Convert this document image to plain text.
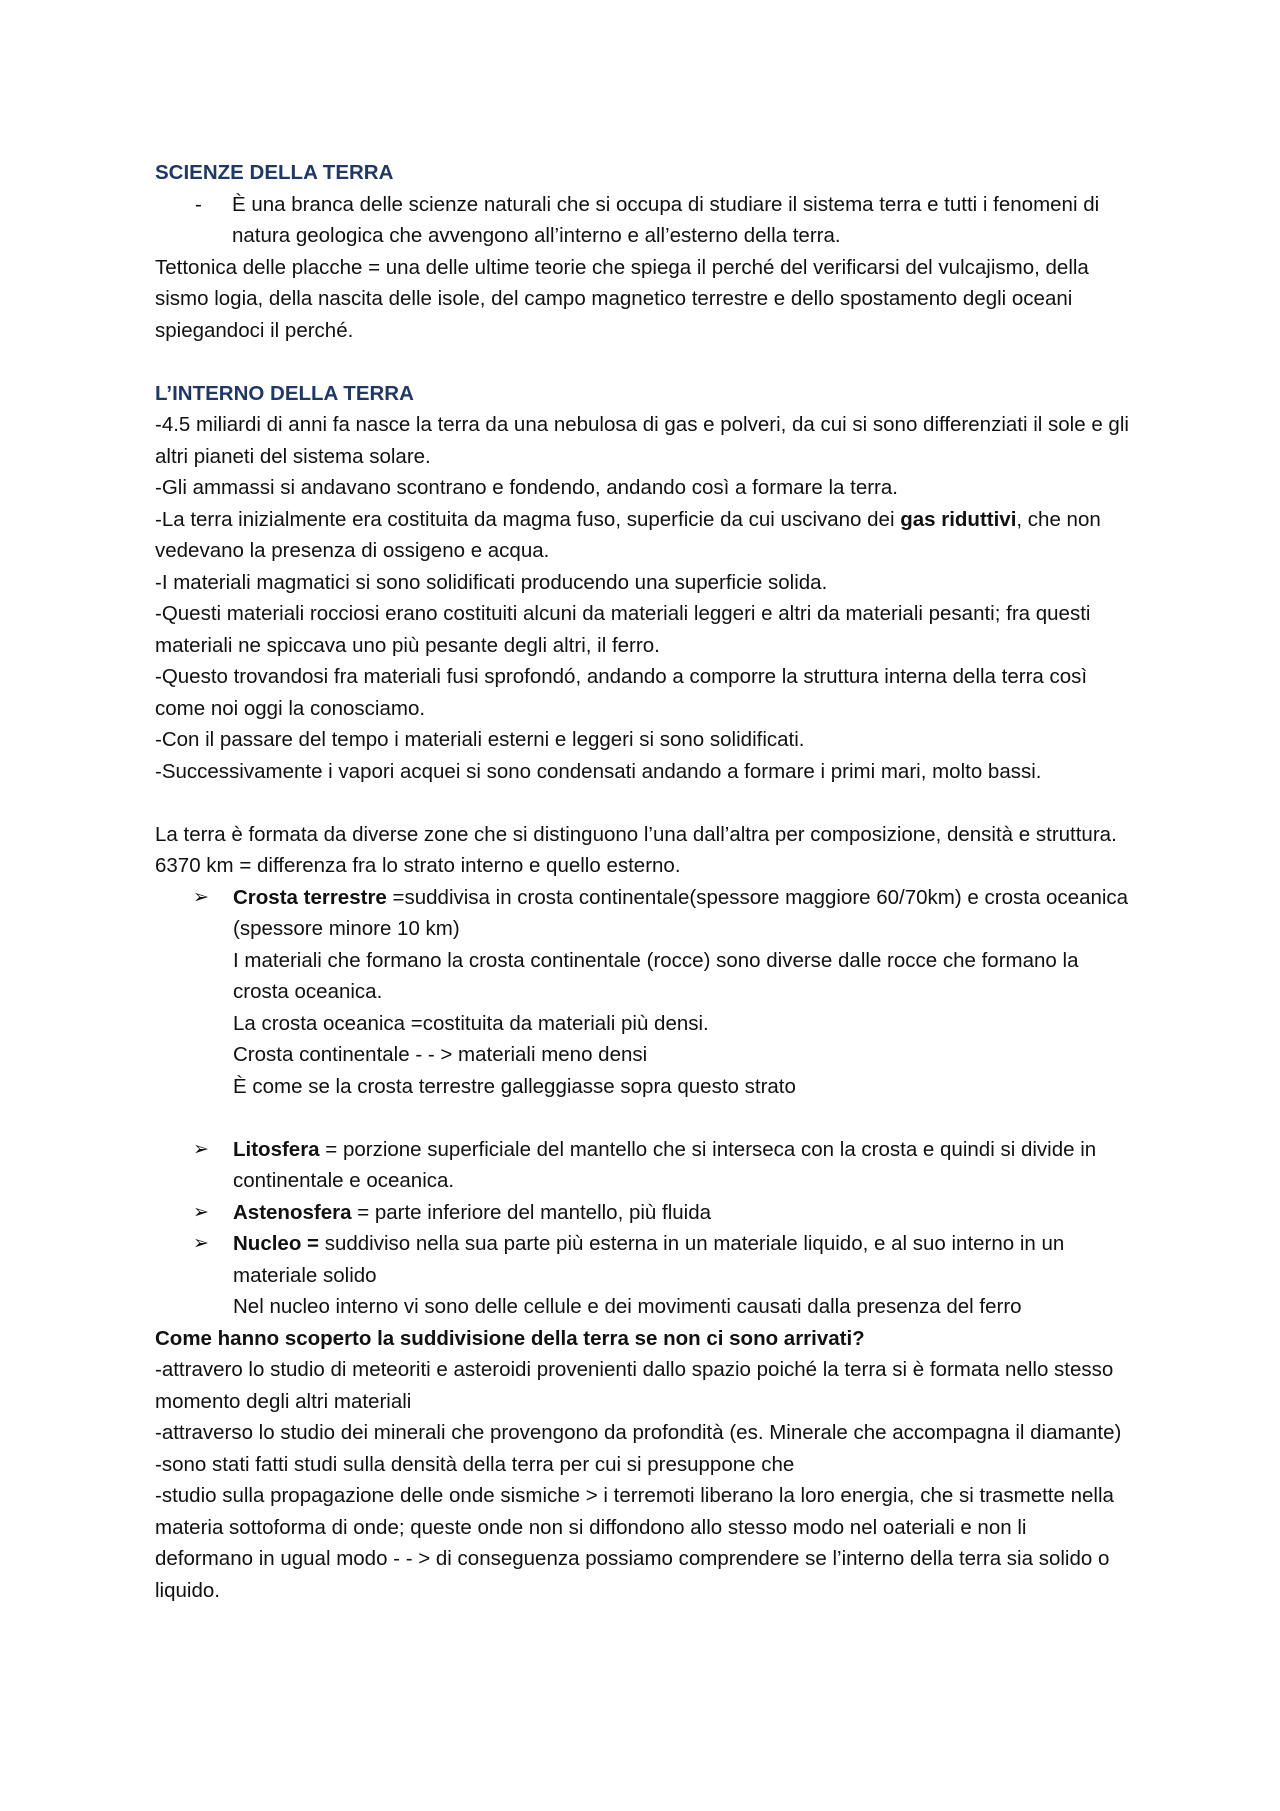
SCIENZE DELLA TERRA
- È una branca delle scienze naturali che si occupa di studiare il sistema terra e tutti i fenomeni di natura geologica che avvengono all’interno e all’esterno della terra.

Tettonica delle placche = una delle ultime teorie che spiega il perché del verificarsi del vulcajismo, della sismo logia, della nascita delle isole, del campo magnetico terrestre e dello spostamento degli oceani spiegandoci il perché.

L’INTERNO DELLA TERRA

-4.5 miliardi di anni fa nasce la terra da una nebulosa di gas e polveri, da cui si sono differenziati il sole e gli altri pianeti del sistema solare.

-Gli ammassi si andavano scontrano e fondendo, andando così a formare la terra.

-La terra inizialmente era costituita da magma fuso, superficie da cui uscivano dei gas riduttivi, che non vedevano la presenza di ossigeno e acqua.

-I materiali magmatici si sono solidificati producendo una superficie solida.

-Questi materiali rocciosi erano costituiti alcuni da materiali leggeri e altri da materiali pesanti; fra questi materiali ne spiccava uno più pesante degli altri, il ferro.

-Questo trovandosi fra materiali fusi sprofondó, andando a comporre la struttura interna della terra così come noi oggi la conosciamo.

-Con il passare del tempo i materiali esterni e leggeri si sono solidificati.

-Successivamente i vapori acquei si sono condensati andando a formare i primi mari, molto bassi.

La terra è formata da diverse zone che si distinguono l’una dall’altra per composizione, densità e struttura.

6370 km = differenza fra lo strato interno e quello esterno.

➢ Crosta terrestre =suddivisa in crosta continentale(spessore maggiore 60/70km) e crosta oceanica (spessore minore 10 km)

I materiali che formano la crosta continentale (rocce) sono diverse dalle rocce che formano la crosta oceanica.

La crosta oceanica =costituita da materiali più densi.

Crosta continentale - - > materiali meno densi

È come se la crosta terrestre galleggiasse sopra questo strato

➢ Litosfera = porzione superficiale del mantello che si interseca con la crosta e quindi si divide in continentale e oceanica.
➢ Astenosfera = parte inferiore del mantello, più fluida
➢ Nucleo = suddiviso nella sua parte più esterna in un materiale liquido, e al suo interno in un materiale solido

Nel nucleo interno vi sono delle cellule e dei movimenti causati dalla presenza del ferro

Come hanno scoperto la suddivisione della terra se non ci sono arrivati?

-attravero lo studio di meteoriti e asteroidi provenienti dallo spazio poiché la terra si è formata nello stesso momento degli altri materiali

-attraverso lo studio dei minerali che provengono da profondità (es. Minerale che accompagna il diamante)

-sono stati fatti studi sulla densità della terra per cui si presuppone che

-studio sulla propagazione delle onde sismiche > i terremoti liberano la loro energia, che si trasmette nella materia sottoforma di onde; queste onde non si diffondono allo stesso modo nel oateriali e non li deformano in ugual modo - - > di conseguenza possiamo comprendere se l’interno della terra sia solido o liquido.
